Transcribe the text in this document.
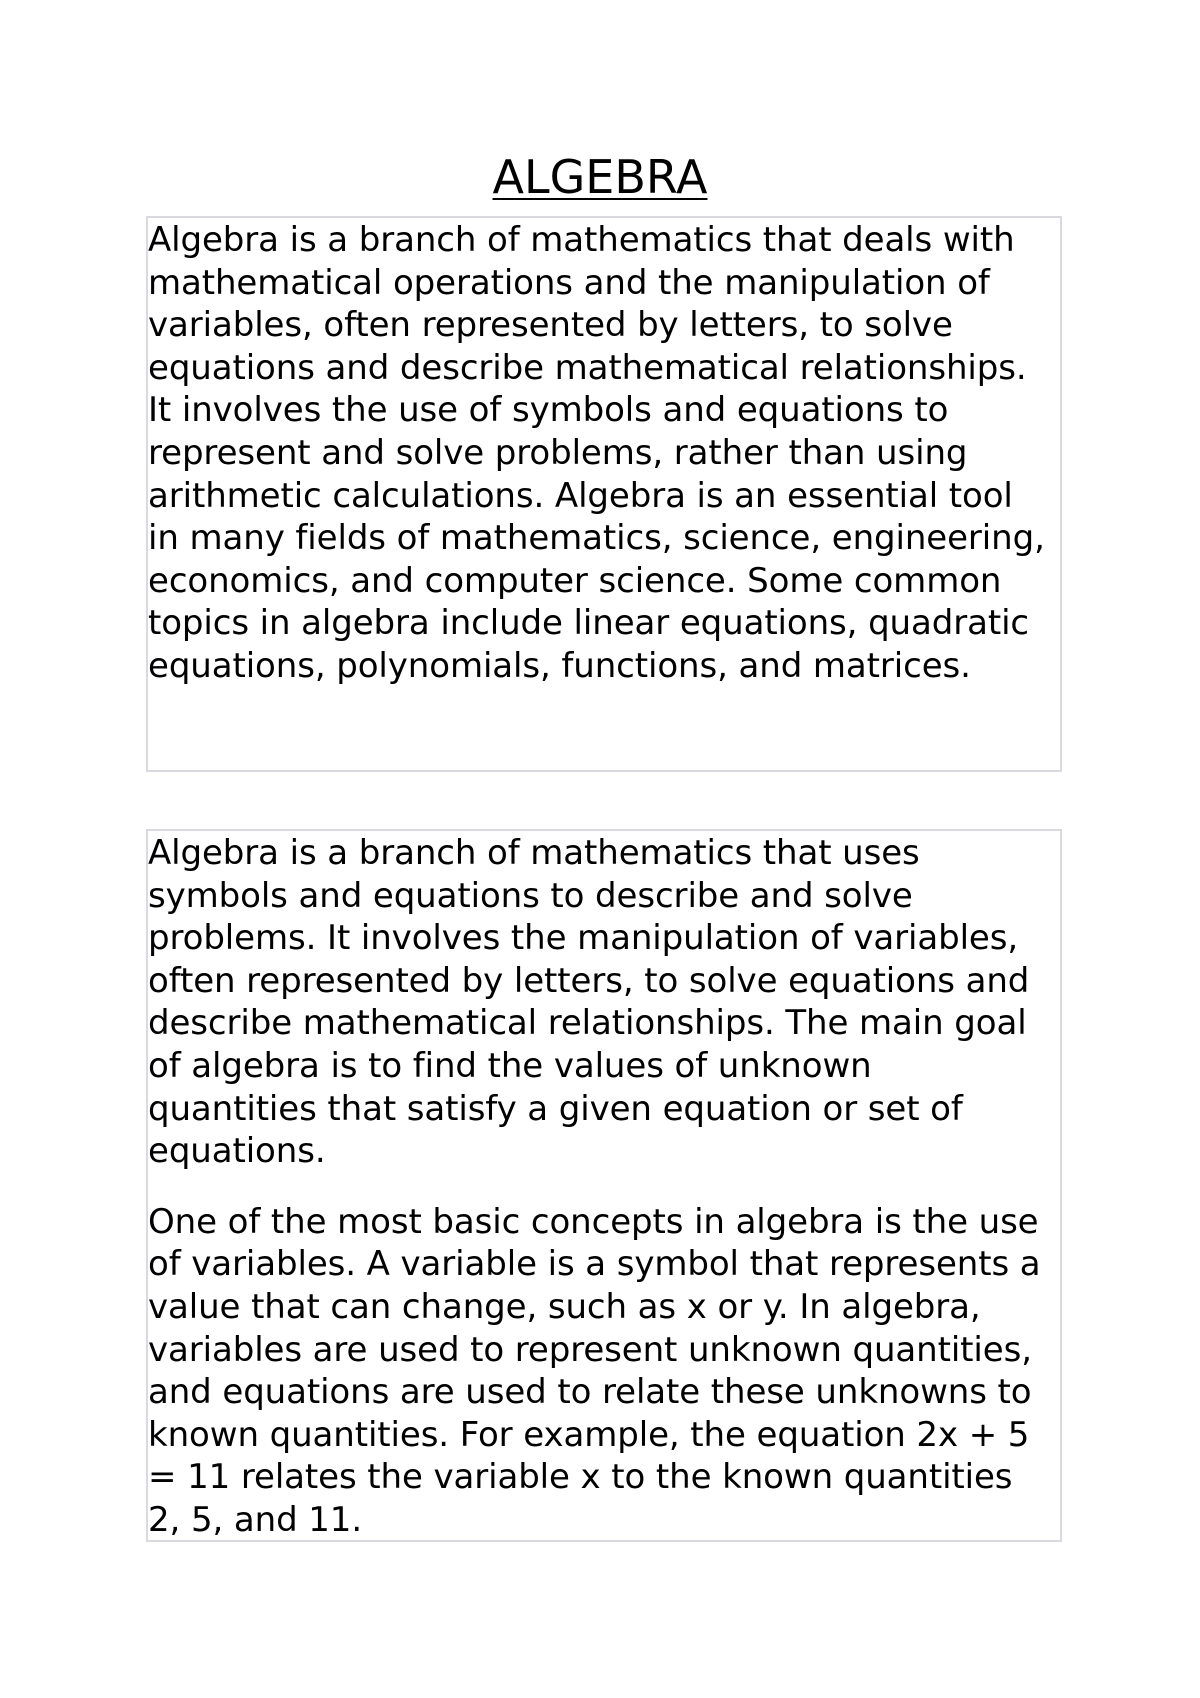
ALGEBRA

Algebra is a branch of mathematics that deals with mathematical operations and the manipulation of variables, often represented by letters, to solve equations and describe mathematical relationships. It involves the use of symbols and equations to represent and solve problems, rather than using arithmetic calculations. Algebra is an essential tool in many fields of mathematics, science, engineering, economics, and computer science. Some common topics in algebra include linear equations, quadratic equations, polynomials, functions, and matrices.

Algebra is a branch of mathematics that uses symbols and equations to describe and solve problems. It involves the manipulation of variables, often represented by letters, to solve equations and describe mathematical relationships. The main goal of algebra is to find the values of unknown quantities that satisfy a given equation or set of equations.

One of the most basic concepts in algebra is the use of variables. A variable is a symbol that represents a value that can change, such as x or y. In algebra, variables are used to represent unknown quantities, and equations are used to relate these unknowns to known quantities. For example, the equation 2x + 5 = 11 relates the variable x to the known quantities 2, 5, and 11.
